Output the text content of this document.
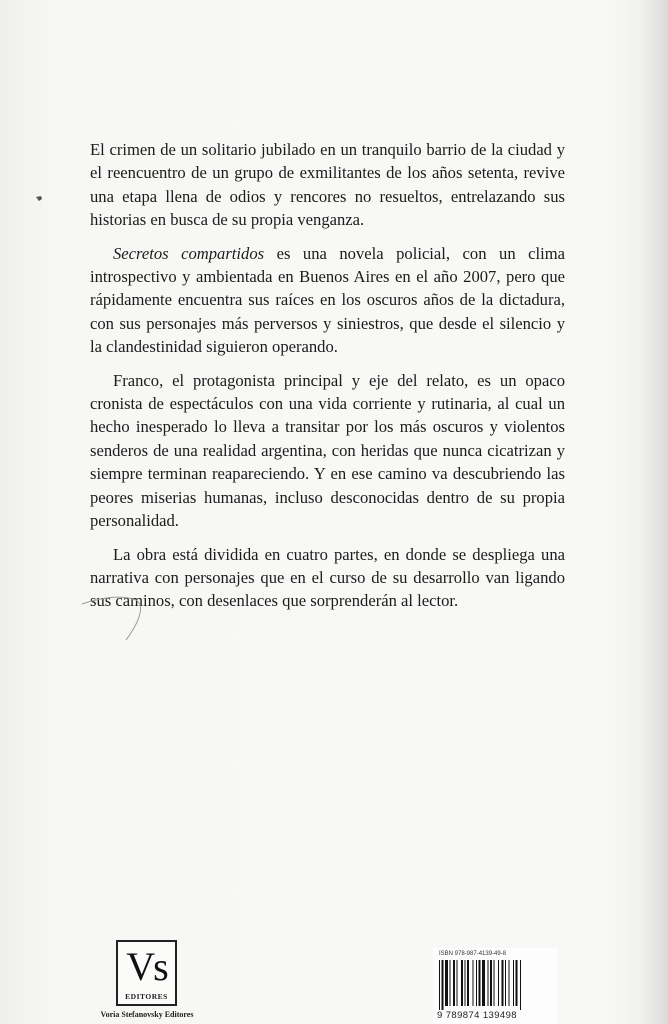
El crimen de un solitario jubilado en un tranquilo barrio de la ciudad y el reencuentro de un grupo de exmilitantes de los años setenta, revive una etapa llena de odios y rencores no resueltos, entrelazando sus historias en busca de su propia venganza.

Secretos compartidos es una novela policial, con un clima introspectivo y ambientada en Buenos Aires en el año 2007, pero que rápidamente encuentra sus raíces en los oscuros años de la dictadura, con sus personajes más perversos y siniestros, que desde el silencio y la clandestinidad siguieron operando.

Franco, el protagonista principal y eje del relato, es un opaco cronista de espectáculos con una vida corriente y rutinaria, al cual un hecho inesperado lo lleva a transitar por los más oscuros y violentos senderos de una realidad argentina, con heridas que nunca cicatrizan y siempre terminan reapareciendo. Y en ese camino va descubriendo las peores miserias humanas, incluso desconocidas dentro de su propia personalidad.

La obra está dividida en cuatro partes, en donde se despliega una narrativa con personajes que en el curso de su desarrollo van ligando sus caminos, con desenlaces que sorprenderán al lector.

Vs
EDITORES
Voria Stefanovsky Editores
ISBN 978-987-4139-49-8
9 789874 139498
